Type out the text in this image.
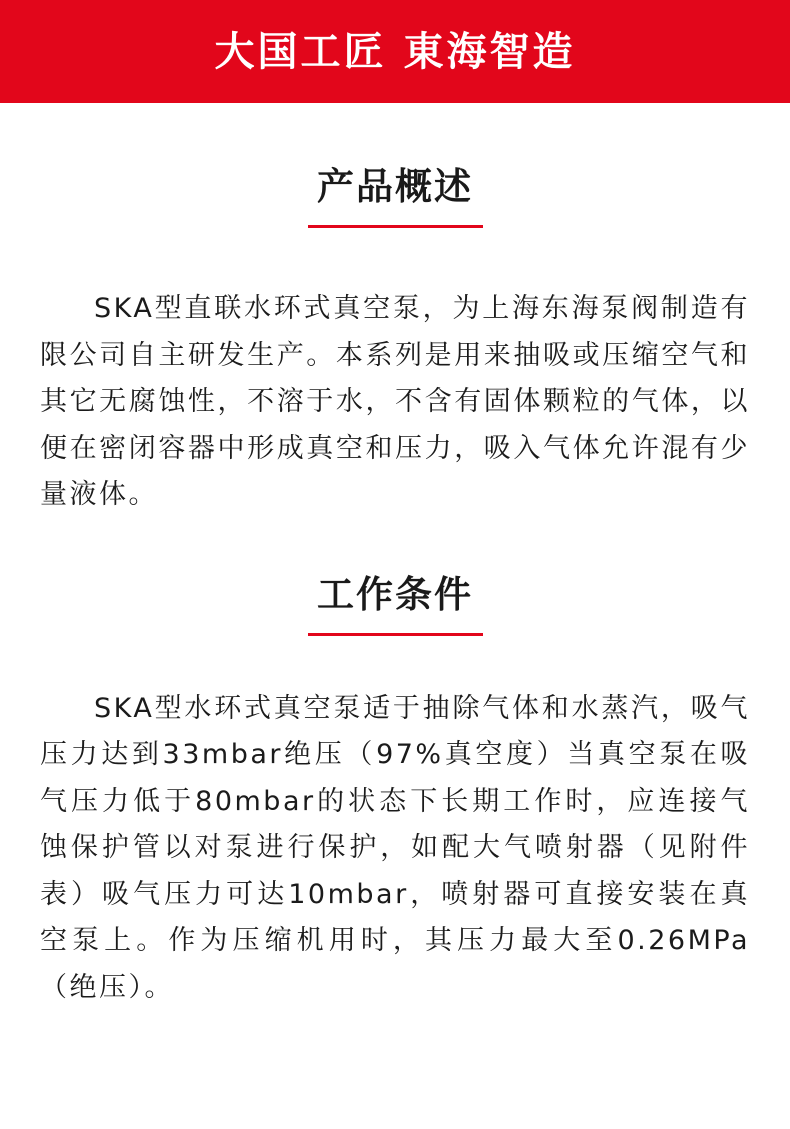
大国工匠 東海智造
产品概述

SKA型直联水环式真空泵，为上海东海泵阀制造有限公司自主研发生产。本系列是用来抽吸或压缩空气和其它无腐蚀性，不溶于水，不含有固体颗粒的气体，以便在密闭容器中形成真空和压力，吸入气体允许混有少量液体。

工作条件

SKA型水环式真空泵适于抽除气体和水蒸汽，吸气压力达到33mbar绝压（97%真空度）当真空泵在吸气压力低于80mbar的状态下长期工作时，应连接气蚀保护管以对泵进行保护，如配大气喷射器（见附件表）吸气压力可达10mbar，喷射器可直接安装在真空泵上。作为压缩机用时，其压力最大至0.26MPa（绝压）。
